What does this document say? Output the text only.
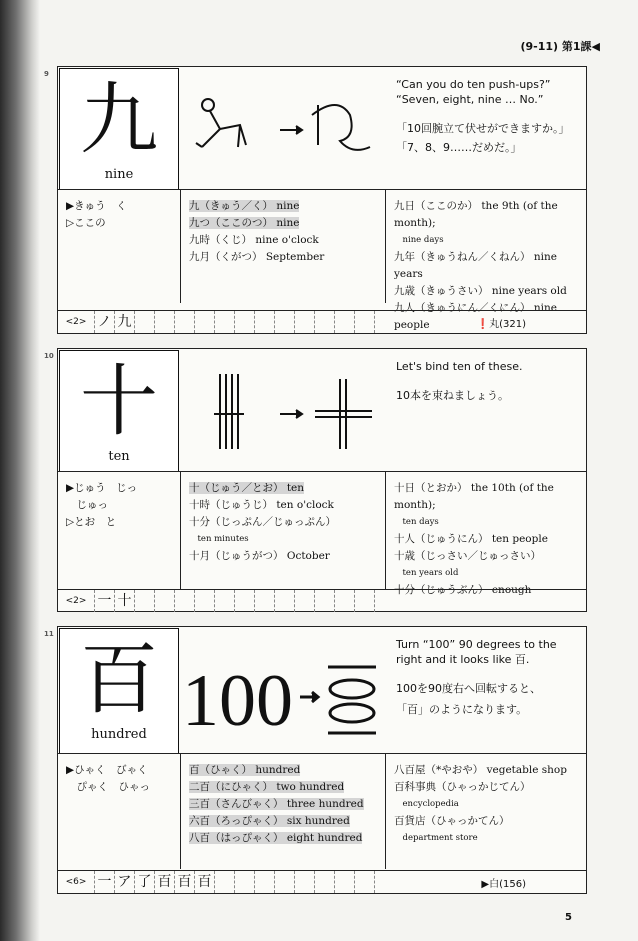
(9-11) 第1課◀
9
九
nine
“Can you do ten push-ups?”
“Seven, eight, nine … No.”
「10回腕立て伏せができますか。」
「7、8、9……だめだ。」
▶きゅう　く
▷ここの
九（きゅう／く） nine
九つ（ここのつ） nine
九時（くじ） nine o'clock
九月（くがつ） September
九日（ここのか） the 9th (of the month);
　nine days
九年（きゅうねん／くねん） nine years
九歳（きゅうさい） nine years old
九人（きゅうにん／くにん） nine people
<2> ノ 九	❗丸(321)
10
十
ten
Let's bind ten of these.
10本を束ねましょう。
▶じゅう　じっ
　じゅっ
▷とお　と
十（じゅう／とお） ten
十時（じゅうじ） ten o'clock
十分（じっぷん／じゅっぷん）
　ten minutes
十月（じゅうがつ） October
十日（とおか） the 10th (of the month);
　ten days
十人（じゅうにん） ten people
十歳（じっさい／じゅっさい）
　ten years old
十分（じゅうぶん） enough
<2> 一 十
11
百
hundred 100
Turn “100” 90 degrees to the
right and it looks like 百.
100を90度右へ回転すると、
「百」のようになります。
▶ひゃく　びゃく
　ぴゃく　ひゃっ
百（ひゃく） hundred
二百（にひゃく） two hundred
三百（さんびゃく） three hundred
六百（ろっぴゃく） six hundred
八百（はっぴゃく） eight hundred
八百屋（*やおや） vegetable shop
百科事典（ひゃっかじてん）
　encyclopedia
百貨店（ひゃっかてん）
　department store
<6> 一 ア 了 百 百 百	▶白(156)
5
